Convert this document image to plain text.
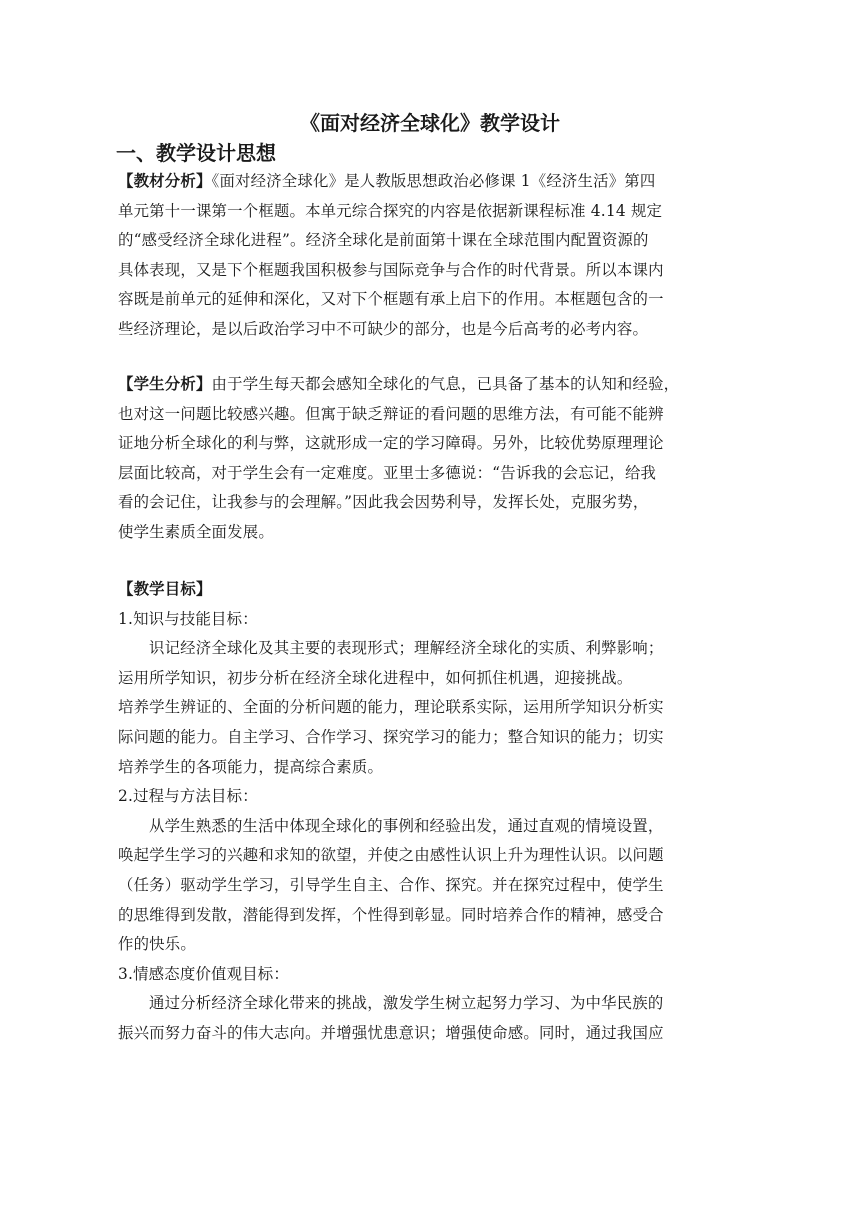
《面对经济全球化》教学设计
一、教学设计思想

【教材分析】《面对经济全球化》是人教版思想政治必修课 1《经济生活》第四

单元第十一课第一个框题。本单元综合探究的内容是依据新课程标准 4.14 规定

的“感受经济全球化进程”。经济全球化是前面第十课在全球范围内配置资源的

具体表现，又是下个框题我国积极参与国际竞争与合作的时代背景。所以本课内

容既是前单元的延伸和深化，又对下个框题有承上启下的作用。本框题包含的一

些经济理论，是以后政治学习中不可缺少的部分，也是今后高考的必考内容。

【学生分析】由于学生每天都会感知全球化的气息，已具备了基本的认知和经验，

也对这一问题比较感兴趣。但寓于缺乏辩证的看问题的思维方法，有可能不能辨

证地分析全球化的利与弊，这就形成一定的学习障碍。另外，比较优势原理理论

层面比较高，对于学生会有一定难度。亚里士多德说：“告诉我的会忘记，给我

看的会记住，让我参与的会理解。”因此我会因势利导，发挥长处，克服劣势，

使学生素质全面发展。

【教学目标】

1.知识与技能目标：

识记经济全球化及其主要的表现形式；理解经济全球化的实质、利弊影响；

运用所学知识，初步分析在经济全球化进程中，如何抓住机遇，迎接挑战。

培养学生辨证的、全面的分析问题的能力，理论联系实际，运用所学知识分析实

际问题的能力。自主学习、合作学习、探究学习的能力；整合知识的能力；切实

培养学生的各项能力，提高综合素质。

2.过程与方法目标：

从学生熟悉的生活中体现全球化的事例和经验出发，通过直观的情境设置，

唤起学生学习的兴趣和求知的欲望，并使之由感性认识上升为理性认识。以问题

（任务）驱动学生学习，引导学生自主、合作、探究。并在探究过程中，使学生

的思维得到发散，潜能得到发挥，个性得到彰显。同时培养合作的精神，感受合

作的快乐。

3.情感态度价值观目标：

通过分析经济全球化带来的挑战，激发学生树立起努力学习、为中华民族的

振兴而努力奋斗的伟大志向。并增强忧患意识；增强使命感。同时，通过我国应
